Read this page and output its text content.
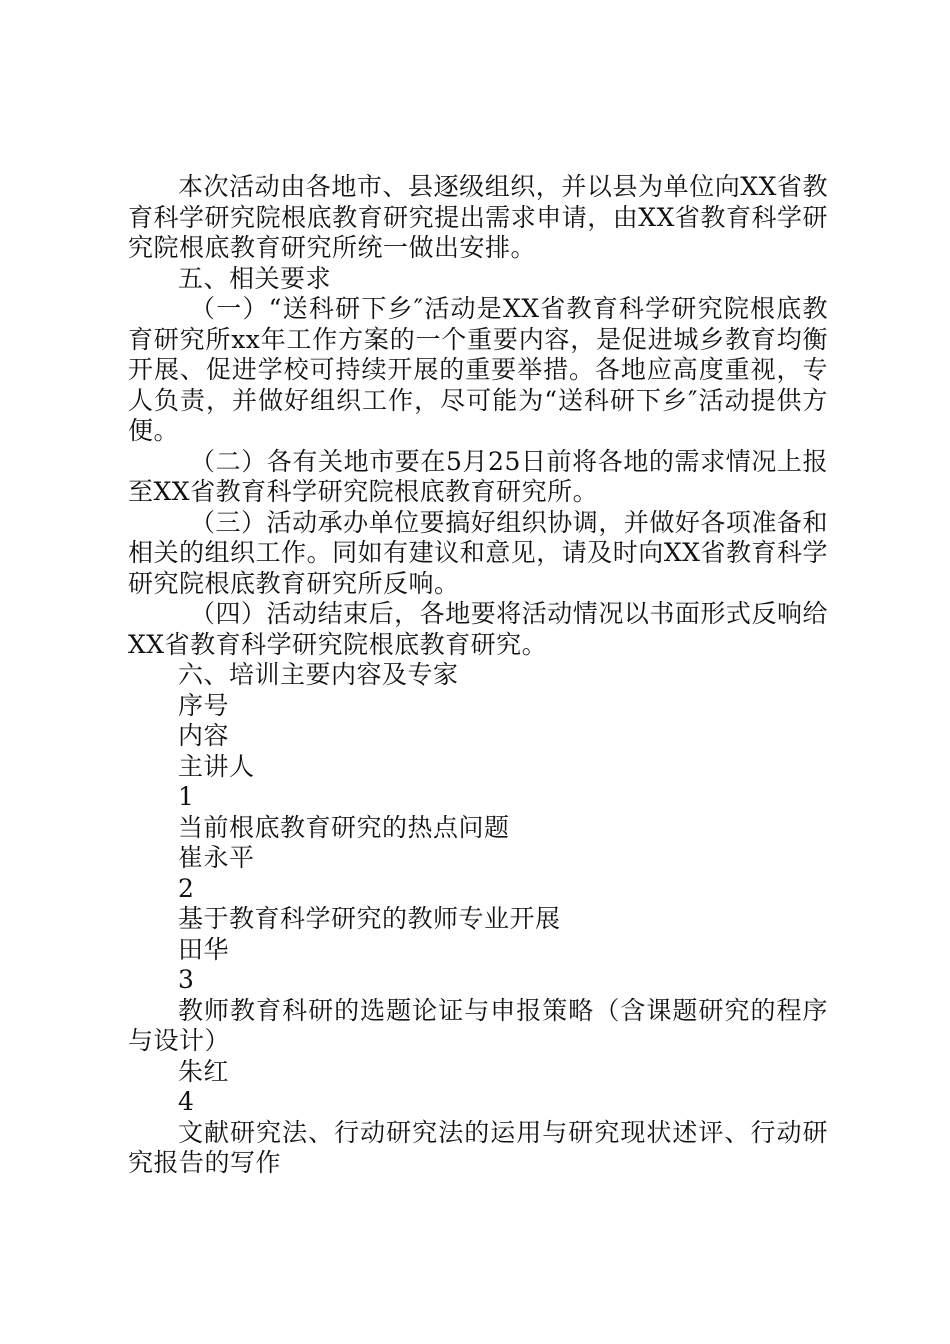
本次活动由各地市、县逐级组织，并以县为单位向XX省教育科学研究院根底教育研究提出需求申请，由XX省教育科学研究院根底教育研究所统一做出安排。

五、相关要求

（一）“送科研下乡″活动是XX省教育科学研究院根底教育研究所xx年工作方案的一个重要内容，是促进城乡教育均衡开展、促进学校可持续开展的重要举措。各地应高度重视，专人负责，并做好组织工作，尽可能为“送科研下乡″活动提供方便。

（二）各有关地市要在5月25日前将各地的需求情况上报至XX省教育科学研究院根底教育研究所。

（三）活动承办单位要搞好组织协调，并做好各项准备和相关的组织工作。同如有建议和意见，请及时向XX省教育科学研究院根底教育研究所反响。

（四）活动结束后，各地要将活动情况以书面形式反响给XX省教育科学研究院根底教育研究。

六、培训主要内容及专家

序号

内容

主讲人

1

当前根底教育研究的热点问题

崔永平

2

基于教育科学研究的教师专业开展

田华

3

教师教育科研的选题论证与申报策略（含课题研究的程序与设计）

朱红

4

文献研究法、行动研究法的运用与研究现状述评、行动研究报告的写作
